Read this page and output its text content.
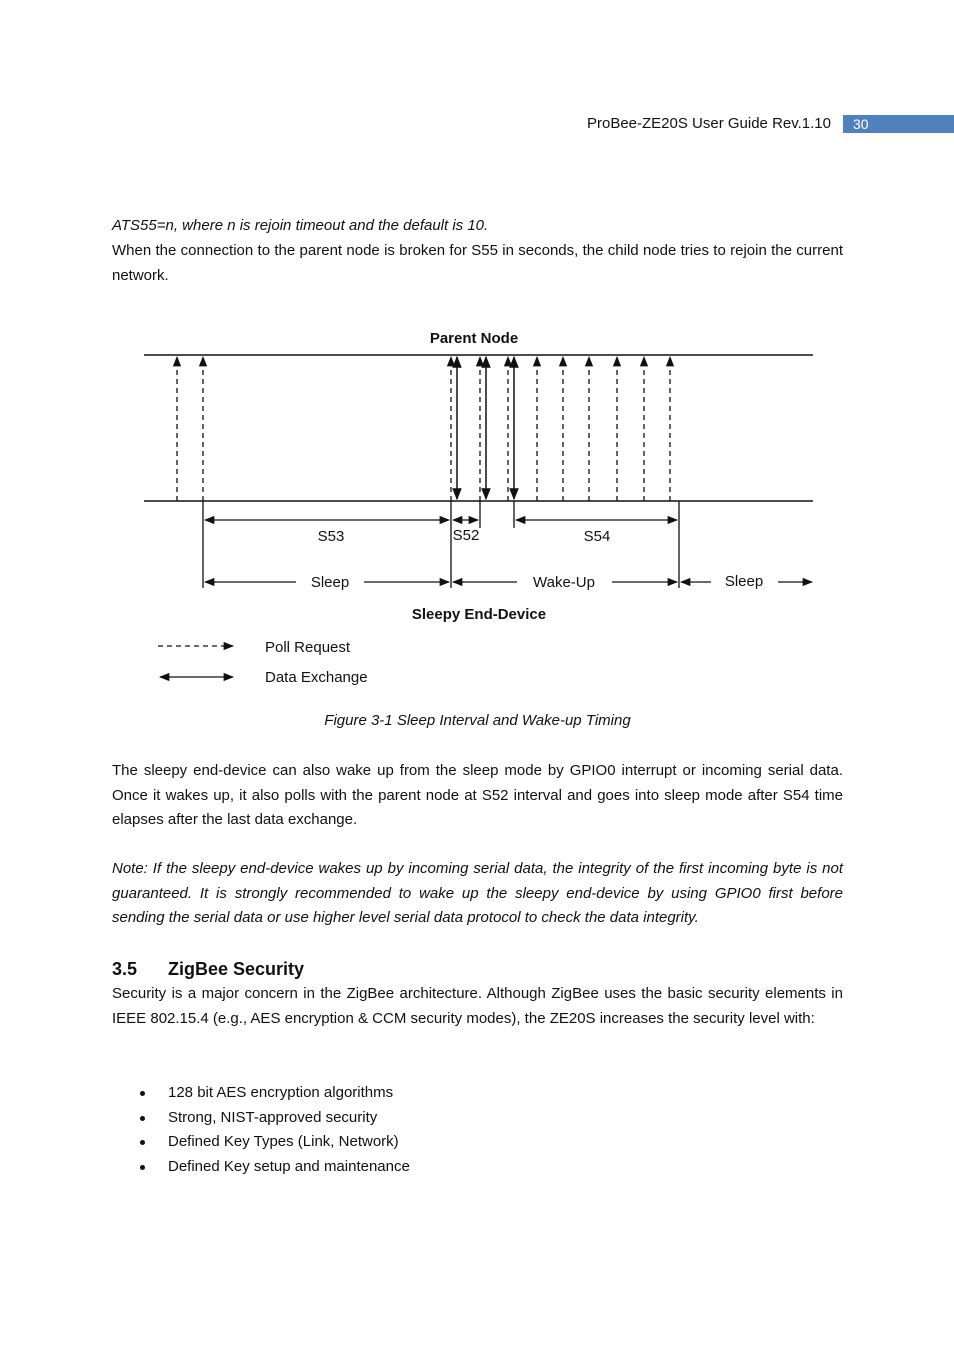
ProBee-ZE20S User Guide Rev.1.10	30
ATS55=n, where n is rejoin timeout and the default is 10.
When the connection to the parent node is broken for S55 in seconds, the child node tries to rejoin the current network.
Parent Node
S53	S52	S54
Sleep	Wake-Up	Sleep
Sleepy End-Device
Poll Request
Data Exchange
Figure 3-1 Sleep Interval and Wake-up Timing
The sleepy end-device can also wake up from the sleep mode by GPIO0 interrupt or incoming serial data. Once it wakes up, it also polls with the parent node at S52 interval and goes into sleep mode after S54 time elapses after the last data exchange.
Note: If the sleepy end-device wakes up by incoming serial data, the integrity of the first incoming byte is not guaranteed. It is strongly recommended to wake up the sleepy end-device by using GPIO0 first before sending the serial data or use higher level serial data protocol to check the data integrity.
3.5 ZigBee Security
Security is a major concern in the ZigBee architecture. Although ZigBee uses the basic security elements in IEEE 802.15.4 (e.g., AES encryption & CCM security modes), the ZE20S increases the security level with:
128 bit AES encryption algorithms
Strong, NIST-approved security
Defined Key Types (Link, Network)
Defined Key setup and maintenance
